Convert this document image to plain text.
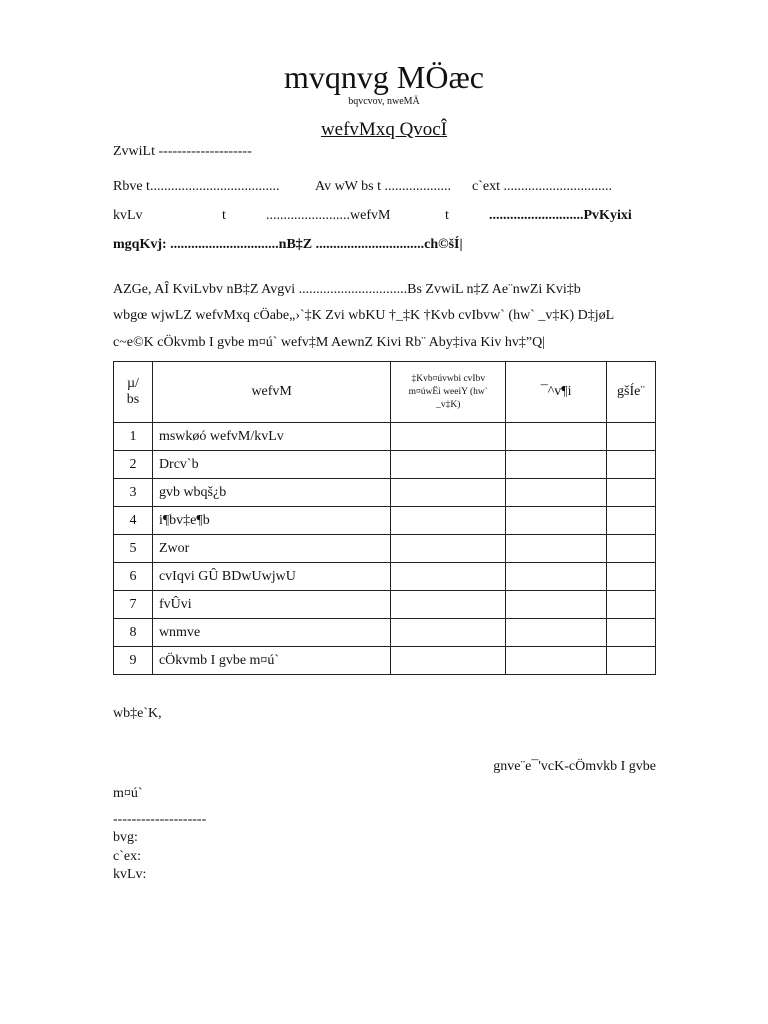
mvqnvg MÖæc
bqvcvov, nweMÄ
wefvMxq QvocÎ
ZvwiLt --------------------
Rbve t.....................................	Av wW bs t ................... c`ext ...............................
kvLv	t	........................wefvM	t	...........................PvKyixi
mgqKvj: ...............................nB‡Z ...............................ch©šÍ|
AZGe, AÎ KviLvbv nB‡Z Avgvi ...............................Bs ZvwiL n‡Z Ae¨nwZi Kvi‡b
wbgœ wjwLZ wefvMxq cÖabe„›`‡K Zvi wbKU †_‡K †Kvb cvIbvw` (hw` _v‡K) D‡jøL
c~e©K cÖkvmb I gvbe m¤ú` wefv‡M AewnZ Kivi Rb¨ Aby‡iva Kiv hv‡”Q|
µ/ bs	wefvM	‡Kvb¤úvwbi cvIbv m¤úwËi weeiY (hw` _v‡K)	¯^v¶i	gšÍe¨
1	mswkøó wefvM/kvLv			
2	Drcv`b			
3	gvb wbqš¿b			
4	i¶bv‡e¶b			
5	Zwor			
6	cvIqvi GÛ BDwUwjwU			
7	fvÛvi			
8	wnmve			
9	cÖkvmb I gvbe m¤ú`			
wb‡e`K,
gnve¨e¯'vcK-cÖmvkb I gvbe
m¤ú`
--------------------
bvg:
c`ex:
kvLv:
